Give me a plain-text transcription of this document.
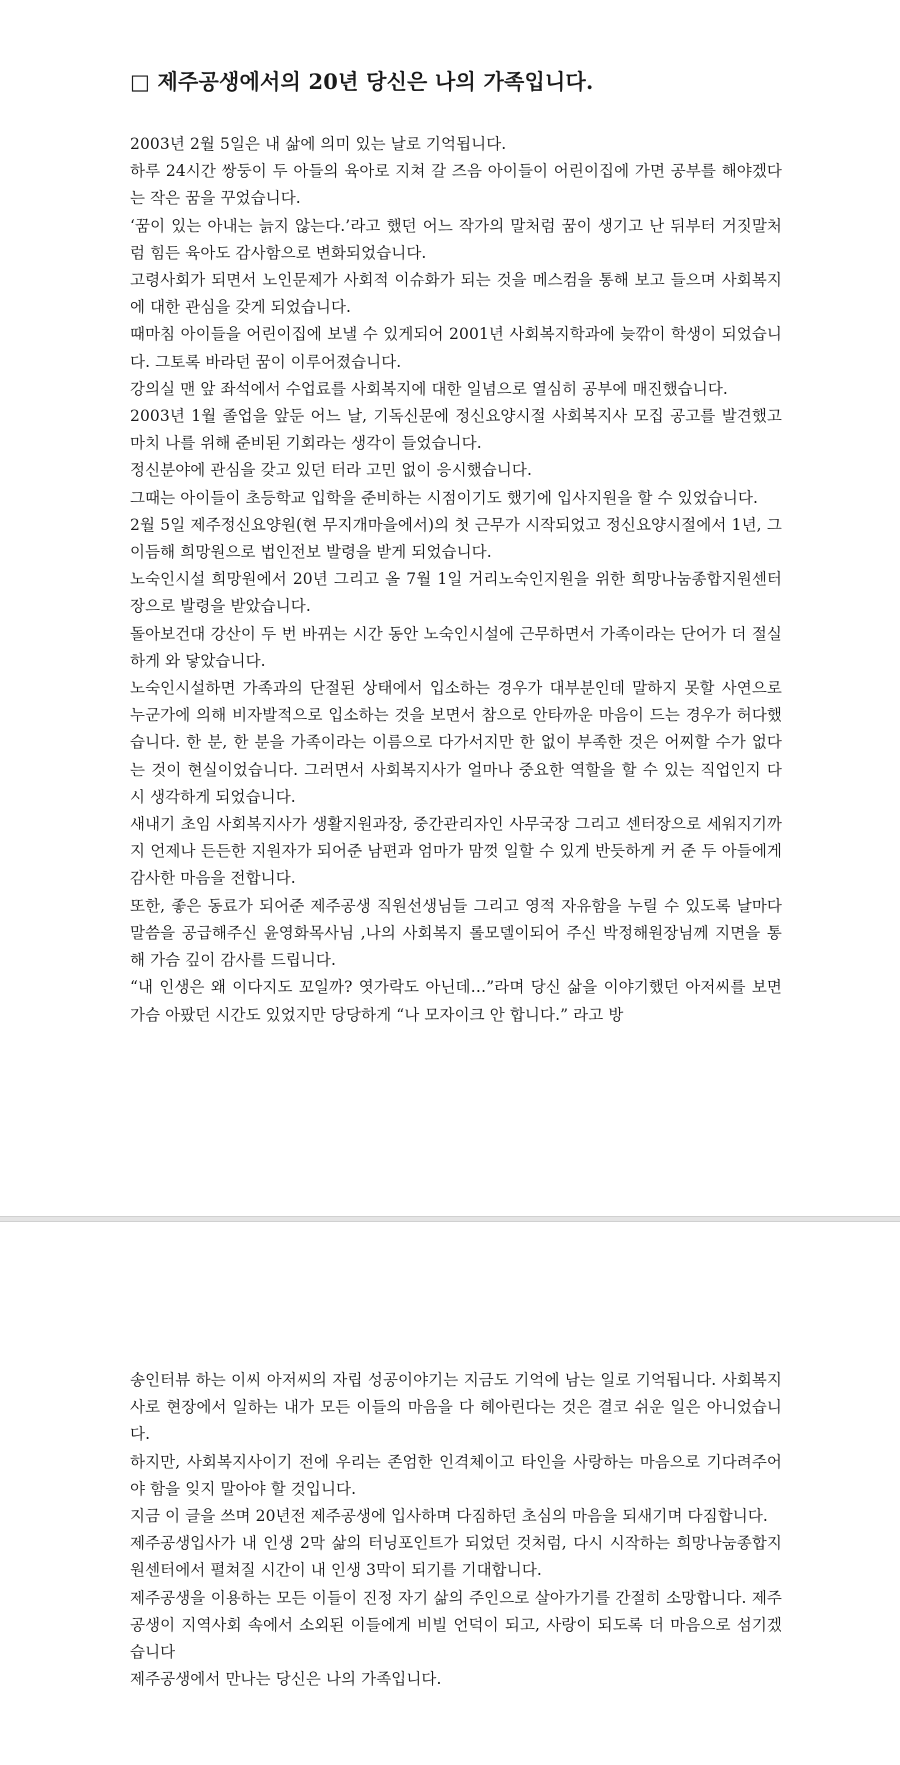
□ 제주공생에서의 20년 당신은 나의 가족입니다.

2003년 2월 5일은 내 삶에 의미 있는 날로 기억됩니다.

하루 24시간 쌍둥이 두 아들의 육아로 지쳐 갈 즈음 아이들이 어린이집에 가면 공부를 해야겠다는 작은 꿈을 꾸었습니다.

‘꿈이 있는 아내는 늙지 않는다.’라고 했던 어느 작가의 말처럼 꿈이 생기고 난 뒤부터 거짓말처럼 힘든 육아도 감사함으로 변화되었습니다.

고령사회가 되면서 노인문제가 사회적 이슈화가 되는 것을 메스컴을 통해 보고 들으며 사회복지에 대한 관심을 갖게 되었습니다.

때마침 아이들을 어린이집에 보낼 수 있게되어 2001년 사회복지학과에 늦깎이 학생이 되었습니다. 그토록 바라던 꿈이 이루어졌습니다.

강의실 맨 앞 좌석에서 수업료를 사회복지에 대한 일념으로 열심히 공부에 매진했습니다.

2003년 1월 졸업을 앞둔 어느 날, 기독신문에 정신요양시절 사회복지사 모집 공고를 발견했고 마치 나를 위해 준비된 기회라는 생각이 들었습니다.

정신분야에 관심을 갖고 있던 터라 고민 없이 응시했습니다.

그때는 아이들이 초등학교 입학을 준비하는 시점이기도 했기에 입사지원을 할 수 있었습니다.

2월 5일 제주정신요양원(현 무지개마을에서)의 첫 근무가 시작되었고 정신요양시절에서 1년, 그 이듬해 희망원으로 법인전보 발령을 받게 되었습니다.

노숙인시설 희망원에서 20년 그리고 올 7월 1일 거리노숙인지원을 위한 희망나눔종합지원센터장으로 발령을 받았습니다.

돌아보건대 강산이 두 번 바뀌는 시간 동안 노숙인시설에 근무하면서 가족이라는 단어가 더 절실하게 와 닿았습니다.

노숙인시설하면 가족과의 단절된 상태에서 입소하는 경우가 대부분인데 말하지 못할 사연으로 누군가에 의해 비자발적으로 입소하는 것을 보면서 참으로 안타까운 마음이 드는 경우가 허다했습니다. 한 분, 한 분을 가족이라는 이름으로 다가서지만 한 없이 부족한 것은 어찌할 수가 없다는 것이 현실이었습니다. 그러면서 사회복지사가 얼마나 중요한 역할을 할 수 있는 직업인지 다시 생각하게 되었습니다.

새내기 초임 사회복지사가 생활지원과장, 중간관리자인 사무국장 그리고 센터장으로 세워지기까지 언제나 든든한 지원자가 되어준 남편과 엄마가 맘껏 일할 수 있게 반듯하게 커 준 두 아들에게 감사한 마음을 전합니다.

또한, 좋은 동료가 되어준 제주공생 직원선생님들 그리고 영적 자유함을 누릴 수 있도록 날마다 말씀을 공급해주신 윤영화목사님 ,나의 사회복지 롤모델이되어 주신 박정해원장님께 지면을 통해 가슴 깊이 감사를 드립니다.

“내 인생은 왜 이다지도 꼬일까? 엿가락도 아닌데…”라며 당신 삶을 이야기했던 아저씨를 보면 가슴 아팠던 시간도 있었지만 당당하게 “나 모자이크 안 합니다.” 라고 방

송인터뷰 하는 이씨 아저씨의 자립 성공이야기는 지금도 기억에 남는 일로 기억됩니다. 사회복지사로 현장에서 일하는 내가 모든 이들의 마음을 다 헤아린다는 것은 결코 쉬운 일은 아니었습니다.

하지만, 사회복지사이기 전에 우리는 존엄한 인격체이고 타인을 사랑하는 마음으로 기다려주어야 함을 잊지 말아야 할 것입니다.

지금 이 글을 쓰며 20년전 제주공생에 입사하며 다짐하던 초심의 마음을 되새기며 다짐합니다.

제주공생입사가 내 인생 2막 삶의 터닝포인트가 되었던 것처럼, 다시 시작하는 희망나눔종합지원센터에서 펼쳐질 시간이 내 인생 3막이 되기를 기대합니다.

제주공생을 이용하는 모든 이들이 진정 자기 삶의 주인으로 살아가기를 간절히 소망합니다. 제주공생이 지역사회 속에서 소외된 이들에게 비빌 언덕이 되고, 사랑이 되도록 더 마음으로 섬기겠습니다

제주공생에서 만나는 당신은 나의 가족입니다.
